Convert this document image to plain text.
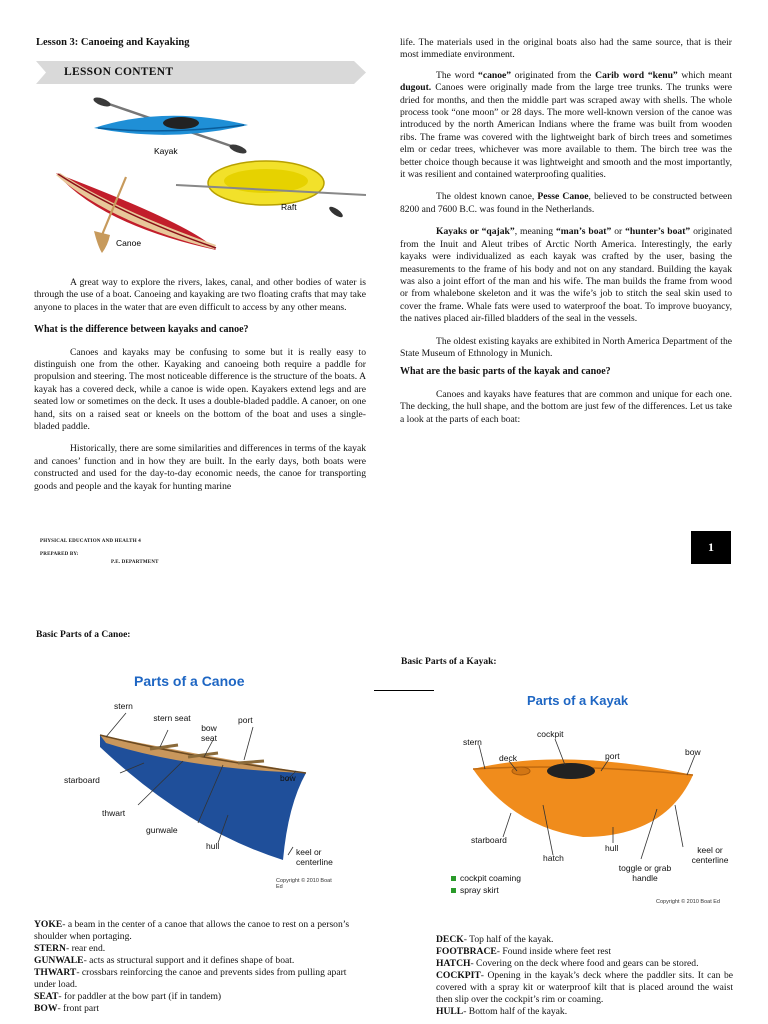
Lesson 3: Canoeing and Kayaking
LESSON CONTENT
Kayak
Canoe
Raft

A great way to explore the rivers, lakes, canal, and other bodies of water is through the use of a boat. Canoeing and kayaking are two floating crafts that may take anyone to places in the water that are even difficult to access by any other means.

What is the difference between kayaks and canoe?

Canoes and kayaks may be confusing to some but it is really easy to distinguish one from the other. Kayaking and canoeing both require a paddle for propulsion and steering. The most noticeable difference is the structure of the boats. A kayak has a covered deck, while a canoe is wide open. Kayakers extend legs and are seated low or sometimes on the deck. It uses a double-bladed paddle. A canoer, on one hand, sits on a raised seat or kneels on the bottom of the boat and uses a single- bladed paddle.

Historically, there are some similarities and differences in terms of the kayak and canoes’ function and in how they are built. In the early days, both boats were constructed and used for the day-to-day economic needs, the canoe for transporting goods and people and the kayak for hunting marine

life. The materials used in the original boats also had the same source, that is their most immediate environment.

The word “canoe” originated from the Carib word “kenu” which meant dugout. Canoes were originally made from the large tree trunks. The trunks were dried for months, and then the middle part was scraped away with shells. The whole process took “one moon” or 28 days. The more well-known version of the canoe was introduced by the north American Indians where the frame was built from wooden ribs. The frame was covered with the lightweight bark of birch trees and sometimes elm or cedar trees, whichever was more available to them. The birch tree was the better choice though because it was lightweight and smooth and the most importantly, it was resilient and contained waterproofing qualities.

The oldest known canoe, Pesse Canoe, believed to be constructed between 8200 and 7600 B.C. was found in the Netherlands.

Kayaks or “qajak”, meaning “man’s boat” or “hunter’s boat” originated from the Inuit and Aleut tribes of Arctic North America. Interestingly, the early kayaks were individualized as each kayak was crafted by the user, basing the measurements to the frame of his body and not on any standard. Building the kayak was also a joint effort of the man and his wife. The man builds the frame from wood or from whalebone skeleton and it was the wife’s job to stitch the seal skin used to cover the frame. Whale fats were used to waterproof the boat. To improve buoyancy, the natives placed air-filled bladders of the seal in the vessels.

The oldest existing kayaks are exhibited in North America Department of the State Museum of Ethnology in Munich.

What are the basic parts of the kayak and canoe?

Canoes and kayaks have features that are common and unique for each one. The decking, the hull shape, and the bottom are just few of the differences. Let us take a look at the parts of each boat:

PHYSICAL EDUCATION AND HEALTH 4
PREPARED BY:
P.E. DEPARTMENT
1
Basic Parts of a Canoe:
Basic Parts of a Kayak:
Parts of a Canoe
stern
stern seat
bow seat
port
bow
starboard
thwart
gunwale
hull
keel or centerline
Copyright © 2010 Boat Ed
Parts of a Kayak
stern
deck
cockpit
port	bow
starboard
hatch
hull	keel or centerline
toggle or grab handle
cockpit coaming
spray skirt
Copyright © 2010 Boat Ed

YOKE- a beam in the center of a canoe that allows the canoe to rest on a person’s shoulder when portaging.

STERN- rear end.

GUNWALE- acts as structural support and it defines shape of boat.

THWART- crossbars reinforcing the canoe and prevents sides from pulling apart under load.

SEAT- for paddler at the bow part (if in tandem)

BOW- front part

DECK- Top half of the kayak.

FOOTBRACE- Found inside where feet rest

HATCH- Covering on the deck where food and gears can be stored.

COCKPIT- Opening in the kayak’s deck where the paddler sits. It can be covered with a spray kit or waterproof kilt that is placed around the waist then slip over the cockpit’s rim or coaming.

HULL- Bottom half of the kayak.
